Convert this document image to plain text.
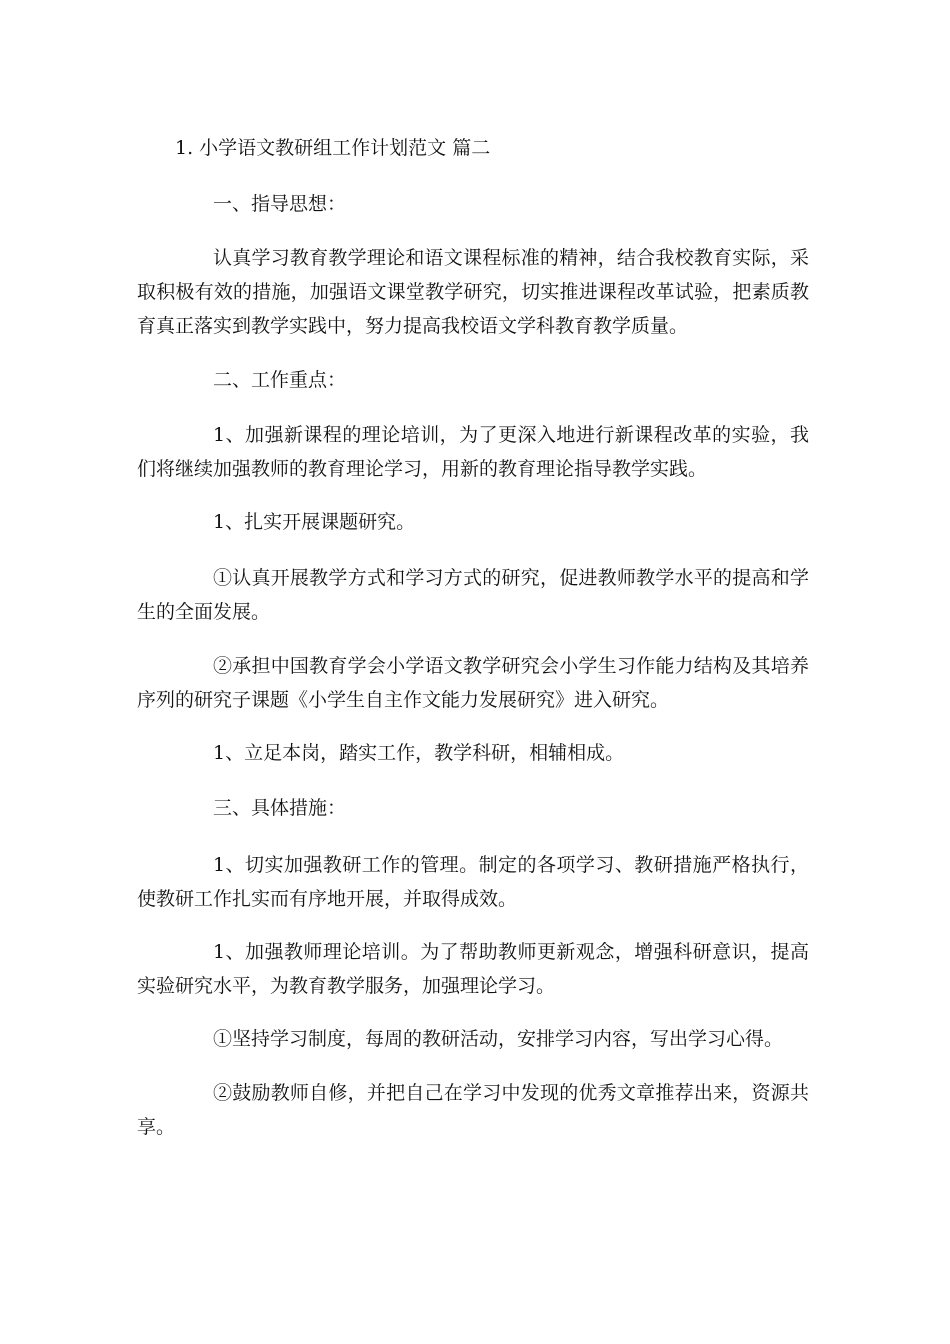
1. 小学语文教研组工作计划范文 篇二

一、指导思想：

认真学习教育教学理论和语文课程标准的精神，结合我校教育实际，采取积极有效的措施，加强语文课堂教学研究，切实推进课程改革试验，把素质教育真正落实到教学实践中，努力提高我校语文学科教育教学质量。

二、工作重点：

1、加强新课程的理论培训，为了更深入地进行新课程改革的实验，我们将继续加强教师的教育理论学习，用新的教育理论指导教学实践。

1、扎实开展课题研究。

①认真开展教学方式和学习方式的研究，促进教师教学水平的提高和学生的全面发展。

②承担中国教育学会小学语文教学研究会小学生习作能力结构及其培养序列的研究子课题《小学生自主作文能力发展研究》进入研究。

1、立足本岗，踏实工作，教学科研，相辅相成。

三、具体措施：

1、切实加强教研工作的管理。制定的各项学习、教研措施严格执行，使教研工作扎实而有序地开展，并取得成效。

1、加强教师理论培训。为了帮助教师更新观念，增强科研意识，提高实验研究水平，为教育教学服务，加强理论学习。

①坚持学习制度，每周的教研活动，安排学习内容，写出学习心得。

②鼓励教师自修，并把自己在学习中发现的优秀文章推荐出来，资源共享。
